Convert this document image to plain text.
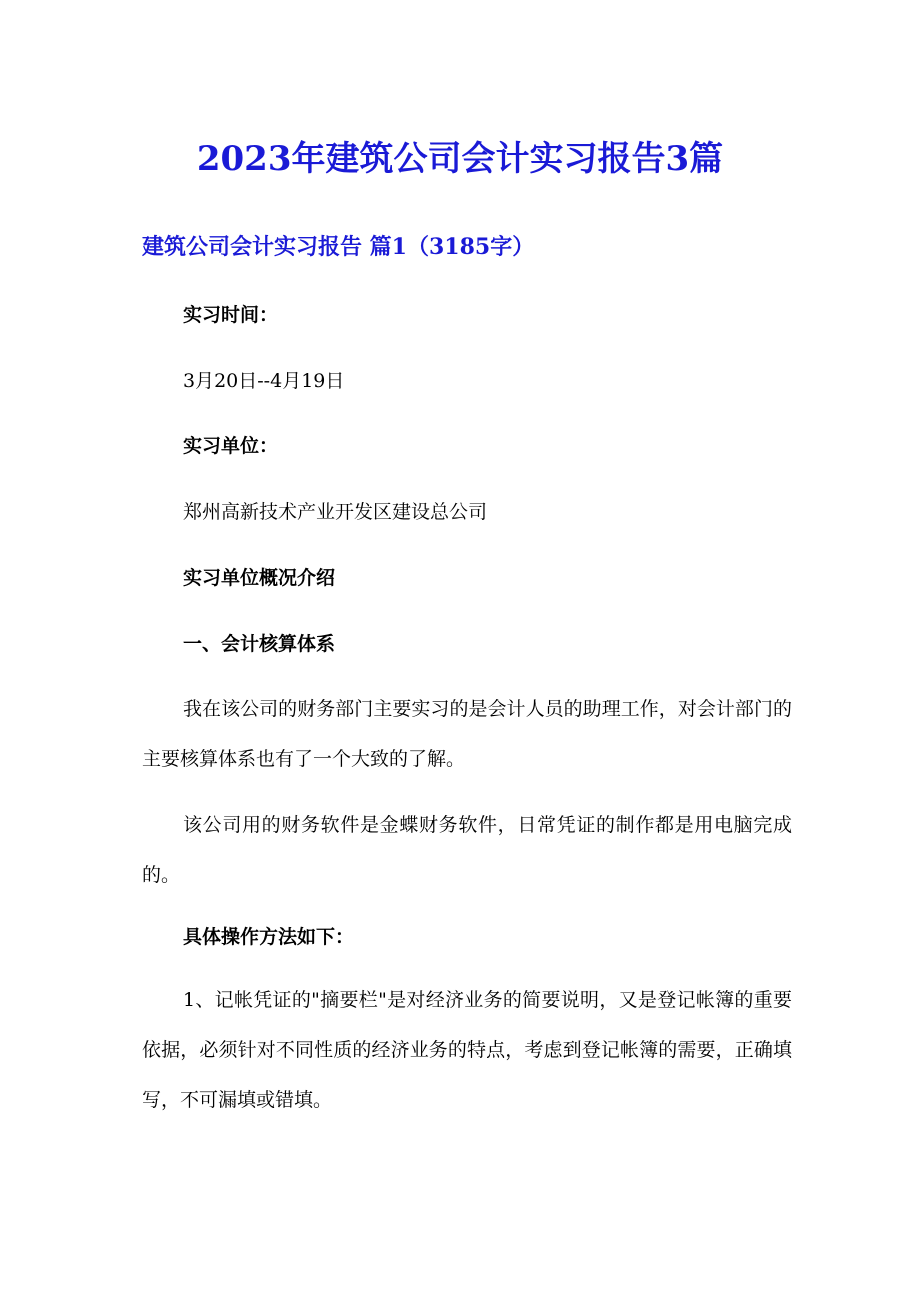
2023年建筑公司会计实习报告3篇
建筑公司会计实习报告 篇1（3185字）
实习时间：
3月20日--4月19日
实习单位：
郑州高新技术产业开发区建设总公司
实习单位概况介绍
一、会计核算体系
我在该公司的财务部门主要实习的是会计人员的助理工作，对会计部门的主要核算体系也有了一个大致的了解。
该公司用的财务软件是金蝶财务软件，日常凭证的制作都是用电脑完成的。
具体操作方法如下：
1、记帐凭证的"摘要栏"是对经济业务的简要说明，又是登记帐簿的重要依据，必须针对不同性质的经济业务的特点，考虑到登记帐簿的需要，正确填写，不可漏填或错填。
